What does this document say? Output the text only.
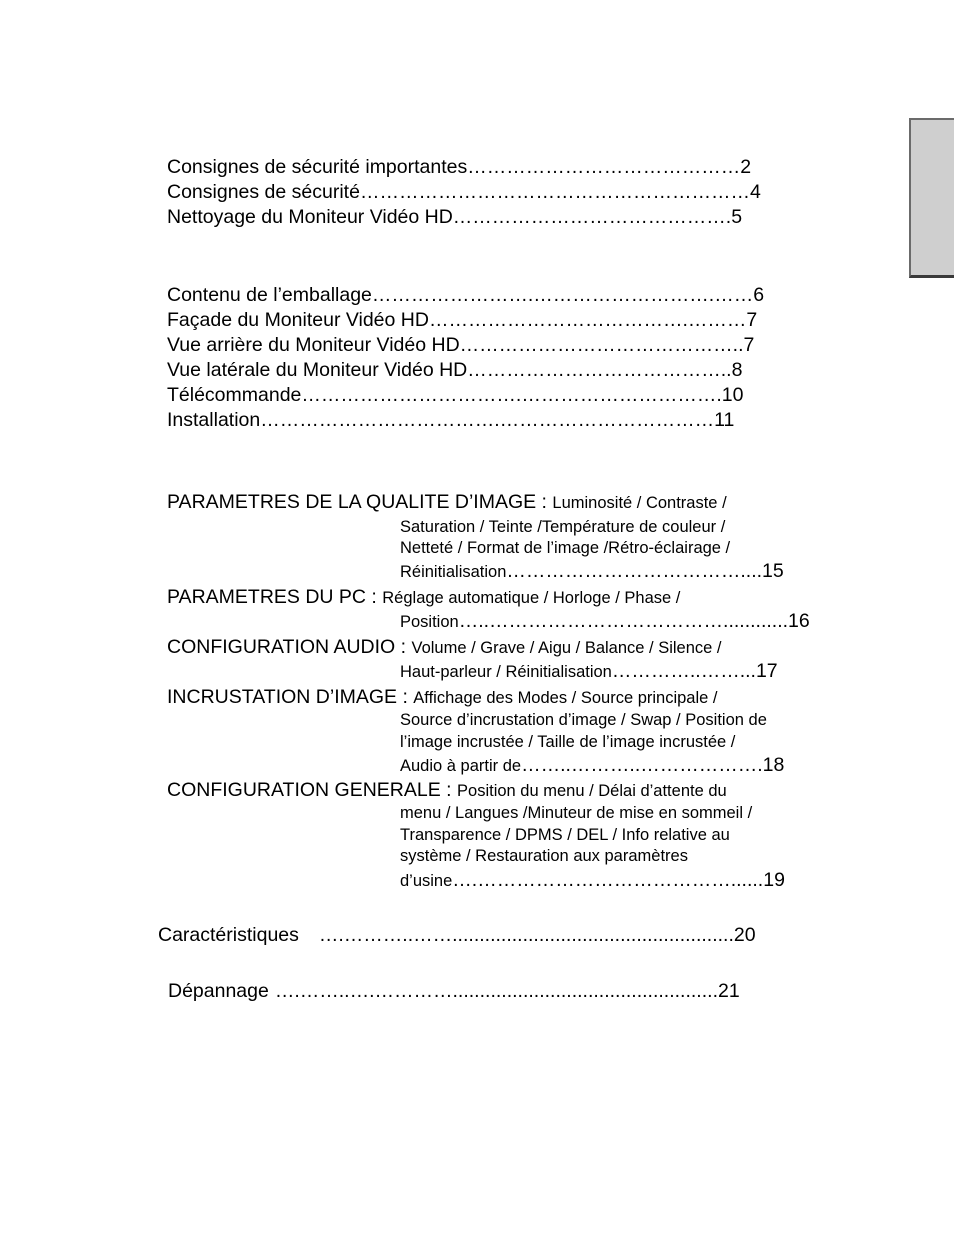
Consignes de sécurité importantes……………………………………2
Consignes de sécurité……………………………………………………4
Nettoyage du Moniteur Vidéo HD…………………………………….5
Contenu de l’emballage…………………….……………………….……6
Façade du Moniteur Vidéo HD………………………………….………7
Vue arrière du Moniteur Vidéo HD……………………………………..7
Vue latérale du Moniteur Vidéo HD…………………………………..8
Télécommande…………………………….………………………….10
Installation……………………………….……………………………11
PARAMETRES DE LA QUALITE D’IMAGE : Luminosité / Contraste /
Saturation / Teinte /Température de couleur /
Netteté / Format de l’image /Rétro-éclairage /
Réinitialisation………………………………....15
PARAMETRES DU PC : Réglage automatique / Horloge / Phase /
Position…..………………………………............16
CONFIGURATION AUDIO : Volume / Grave / Aigu / Balance / Silence /
Haut-parleur / Réinitialisation…………..……...17
INCRUSTATION D’IMAGE : Affichage des Modes / Source principale /
Source d’incrustation d’image / Swap / Position de
l’image incrustée / Taille de l’image incrustée /
Audio à partir de……..………..……………….18
CONFIGURATION GENERALE : Position du menu / Délai d’attente du
menu / Langues /Minuteur de mise en sommeil /
Transparence / DPMS / DEL / Info relative au
système / Restauration aux paramètres
d’usine….…………………………………......19
Caractéristiques ….………..……....................................................20
Dépannage ….……..….………….................................................21
